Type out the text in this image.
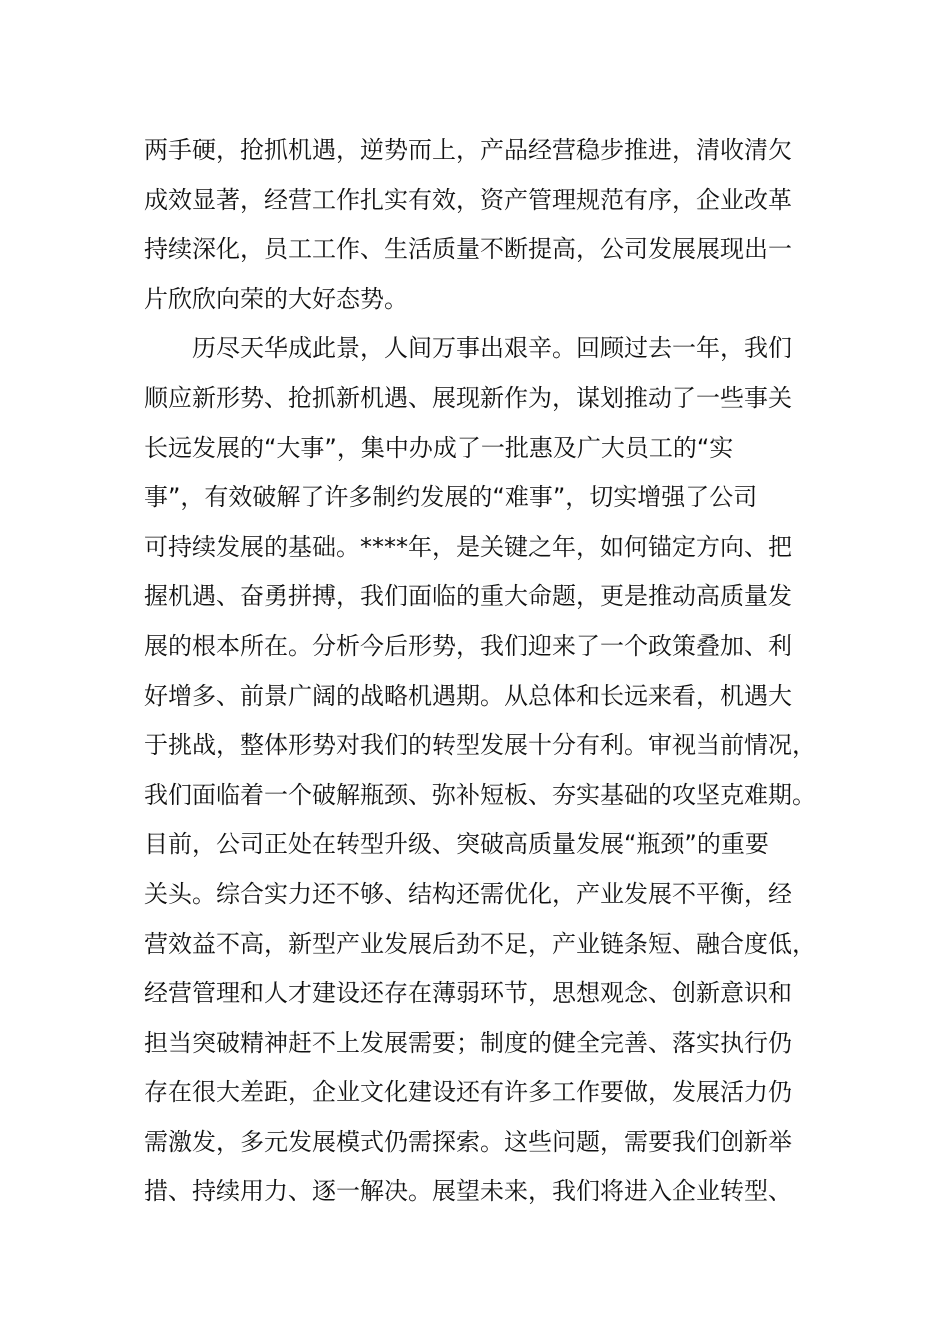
两手硬，抢抓机遇，逆势而上，产品经营稳步推进，清收清欠
成效显著，经营工作扎实有效，资产管理规范有序，企业改革
持续深化，员工工作、生活质量不断提高，公司发展展现出一
片欣欣向荣的大好态势。
历尽天华成此景，人间万事出艰辛。回顾过去一年，我们
顺应新形势、抢抓新机遇、展现新作为，谋划推动了一些事关
长远发展的“大事”，集中办成了一批惠及广大员工的“实
事”，有效破解了许多制约发展的“难事”，切实增强了公司
可持续发展的基础。****年，是关键之年，如何锚定方向、把
握机遇、奋勇拼搏，我们面临的重大命题，更是推动高质量发
展的根本所在。分析今后形势，我们迎来了一个政策叠加、利
好增多、前景广阔的战略机遇期。从总体和长远来看，机遇大
于挑战，整体形势对我们的转型发展十分有利。审视当前情况，
我们面临着一个破解瓶颈、弥补短板、夯实基础的攻坚克难期。
目前，公司正处在转型升级、突破高质量发展“瓶颈”的重要
关头。综合实力还不够、结构还需优化，产业发展不平衡，经
营效益不高，新型产业发展后劲不足，产业链条短、融合度低，
经营管理和人才建设还存在薄弱环节，思想观念、创新意识和
担当突破精神赶不上发展需要；制度的健全完善、落实执行仍
存在很大差距，企业文化建设还有许多工作要做，发展活力仍
需激发，多元发展模式仍需探索。这些问题，需要我们创新举
措、持续用力、逐一解决。展望未来，我们将进入企业转型、
